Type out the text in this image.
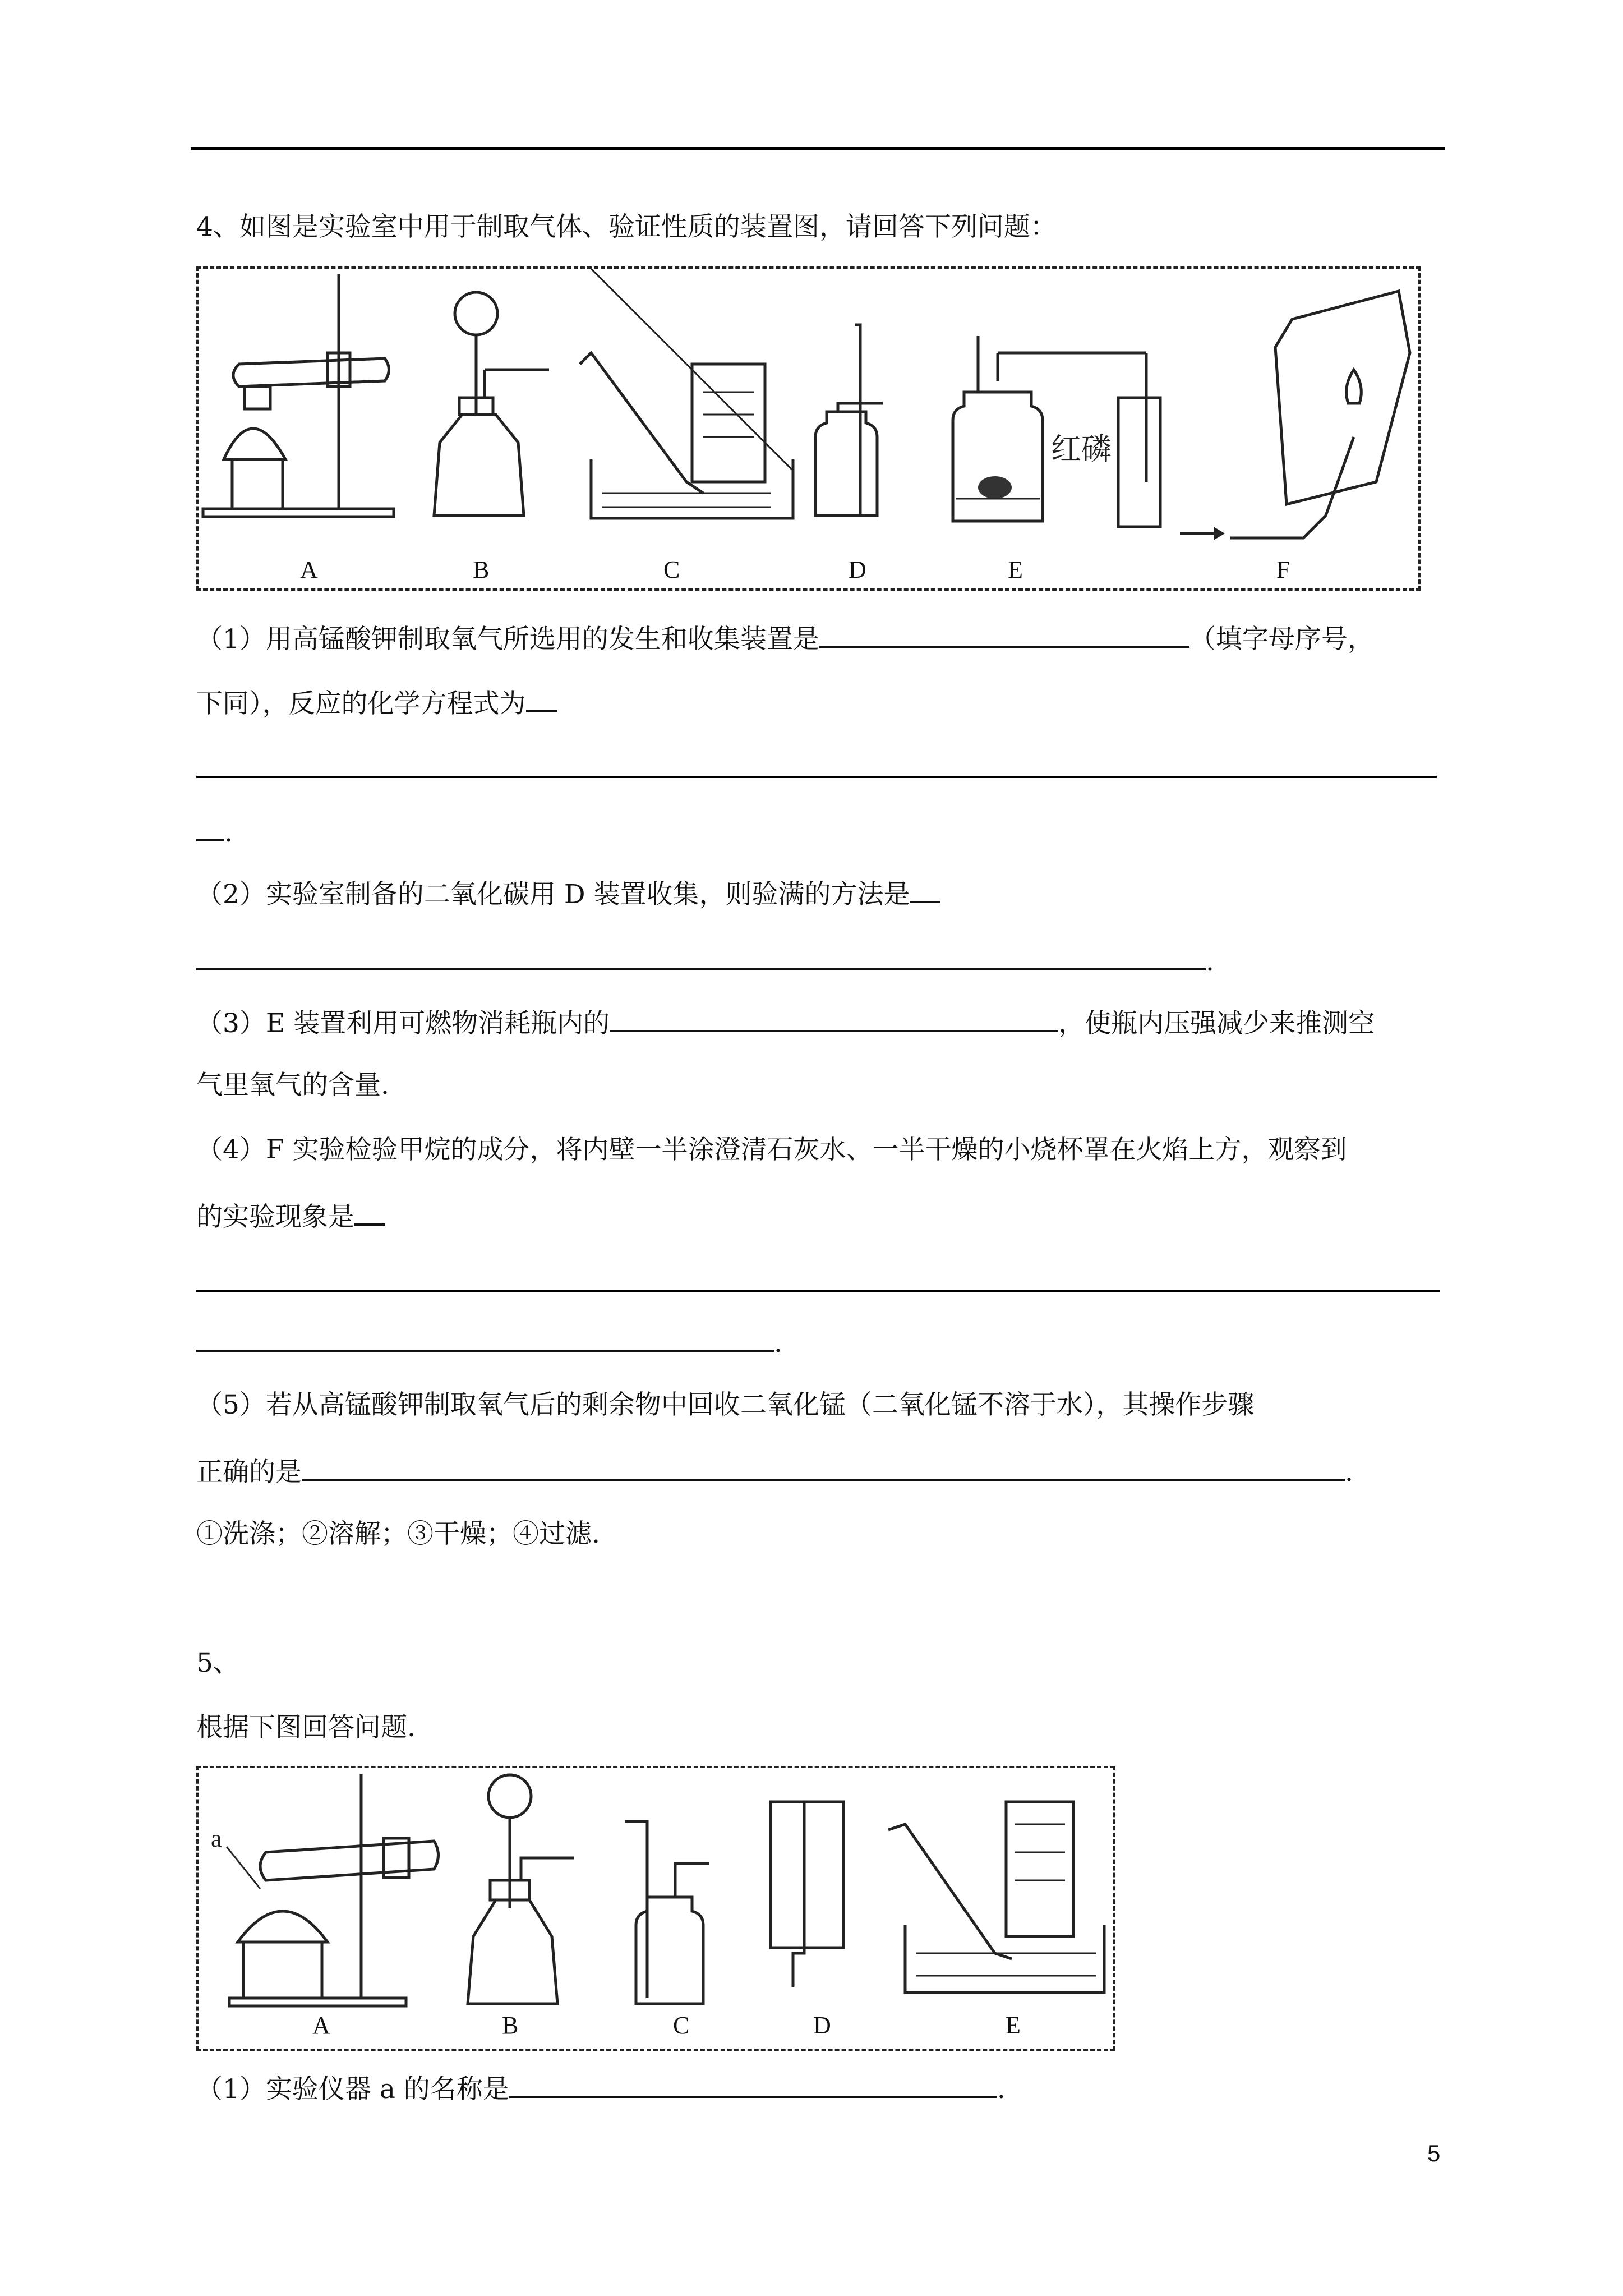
4、如图是实验室中用于制取气体、验证性质的装置图，请回答下列问题：
红磷
A	B	C	D	E	F
（1）用高锰酸钾制取氧气所选用的发生和收集装置是	（填字母序号，
下同），反应的化学方程式为
.
（2）实验室制备的二氧化碳用 D 装置收集，则验满的方法是
.
（3）E 装置利用可燃物消耗瓶内的	，使瓶内压强减少来推测空
气里氧气的含量.
（4）F 实验检验甲烷的成分，将内壁一半涂澄清石灰水、一半干燥的小烧杯罩在火焰上方，观察到
的实验现象是
.
（5）若从高锰酸钾制取氧气后的剩余物中回收二氧化锰（二氧化锰不溶于水），其操作步骤
正确的是	.
①洗涤；②溶解；③干燥；④过滤.
5、
根据下图回答问题.
a
A	B	C	D	E
（1）实验仪器 a 的名称是	.
5
